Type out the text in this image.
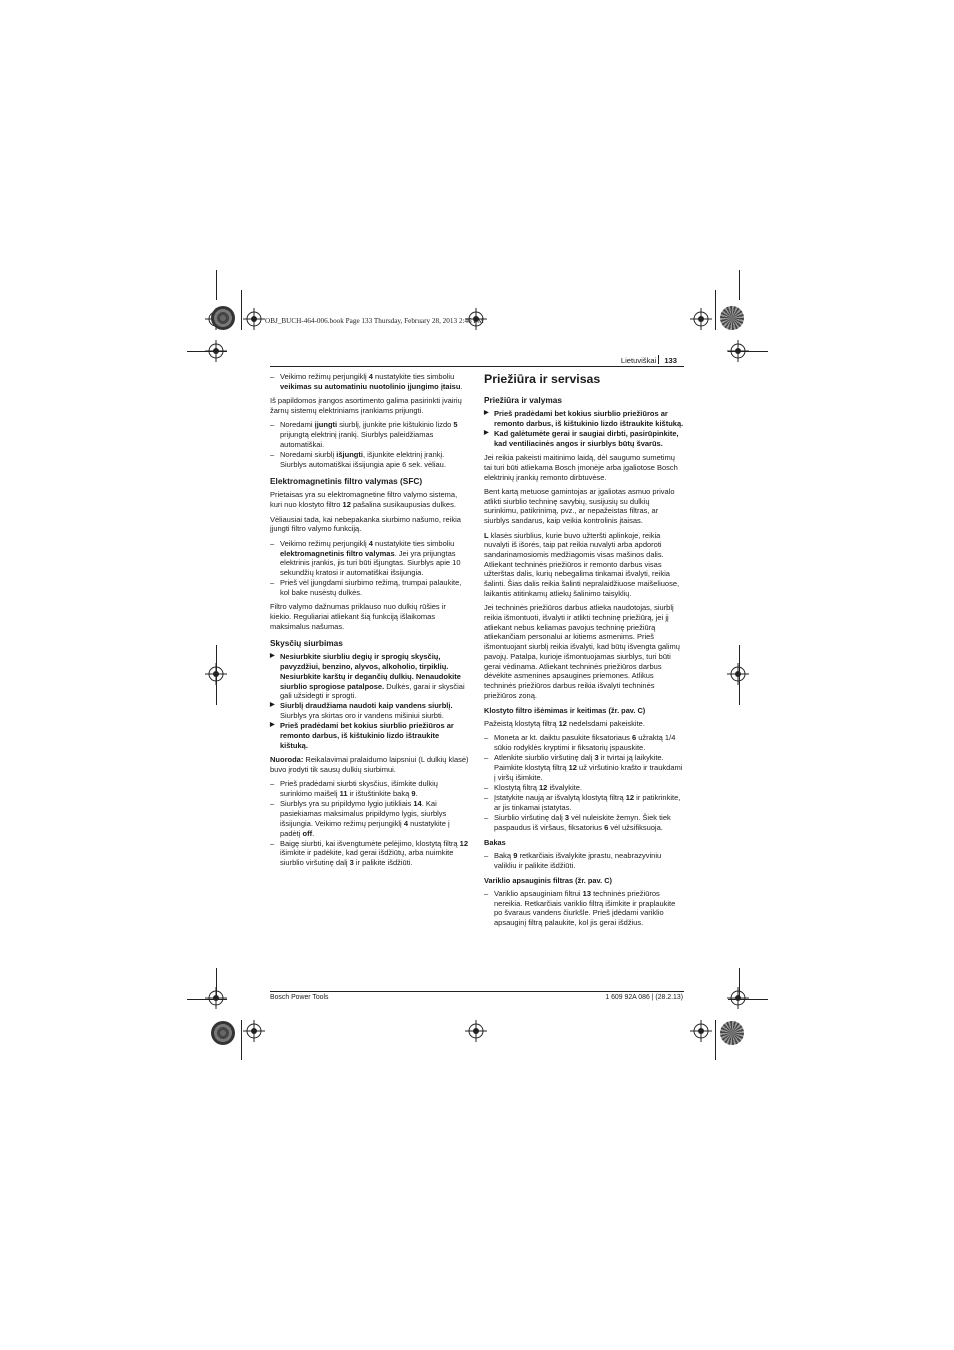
OBJ_BUCH-464-006.book Page 133 Thursday, February 28, 2013 2:46 PM
Lietuviškai 133
– Veikimo režimų perjungiklį 4 nustatykite ties simboliu veikimas su automatiniu nuotolinio įjungimo įtaisu.

Iš papildomos įrangos asortimento galima pasirinkti įvairių žarnų sistemų elektriniams įrankiams prijungti.

– Noredami įjungti siurblį, įjunkite prie kištukinio lizdo 5 prijungtą elektrinį įrankį. Siurblys paleidžiamas automatiškai.
– Noredami siurblį išjungti, išjunkite elektrinį įrankį. Siurblys automatiškai išsijungia apie 6 sek. vėliau.
Elektromagnetinis filtro valymas (SFC)

Prietaisas yra su elektromagnetine filtro valymo sistema, kuri nuo klostyto filtro 12 pašalina susikaupusias dulkes.

Vėliausiai tada, kai nebepakanka siurbimo našumo, reikia įjungti filtro valymo funkciją.

– Veikimo režimų perjungiklį 4 nustatykite ties simboliu elektromagnetinis filtro valymas. Jei yra prijungtas elektrinis įrankis, jis turi būti išjungtas. Siurblys apie 10 sekundžių kratosi ir automatiškai išsijungia.
– Prieš vėl įjungdami siurbimo režimą, trumpai palaukite, kol bake nusėstų dulkės.

Filtro valymo dažnumas priklauso nuo dulkių rūšies ir kiekio. Reguliariai atliekant šią funkciją išlaikomas maksimalus našumas.

Skysčių siurbimas
▶ Nesiurbkite siurbliu degių ir sprogių skysčių, pavyzdžiui, benzino, alyvos, alkoholio, tirpiklių. Nesiurbkite karštų ir degančių dulkių. Nenaudokite siurblio sprogiose patalpose. Dulkės, garai ir skysčiai gali užsidegti ir sprogti.
▶ Siurblį draudžiama naudoti kaip vandens siurblį. Siurblys yra skirtas oro ir vandens mišiniui siurbti.
▶ Prieš pradėdami bet kokius siurblio priežiūros ar remonto darbus, iš kištukinio lizdo ištraukite kištuką.

Nuoroda: Reikalavimai pralaidumo laipsniui (L dulkių klasė) buvo įrodyti tik sausų dulkių siurbimui.

– Prieš pradėdami siurbti skysčius, išimkite dulkių surinkimo maišelį 11 ir ištuštinkite baką 9.
– Siurblys yra su pripildymo lygio jutikliais 14. Kai pasiekiamas maksimalus pripildymo lygis, siurblys išsijungia. Veikimo režimų perjungiklį 4 nustatykite į padėtį off.
– Baigę siurbti, kai išvengtumėte pelėjimo, klostytą filtrą 12 išimkite ir padėkite, kad gerai išdžiūtų, arba nuimkite siurblio viršutinę dalį 3 ir palikite išdžiūti.
Priežiūra ir servisas
Priežiūra ir valymas
▶ Prieš pradėdami bet kokius siurblio priežiūros ar remonto darbus, iš kištukinio lizdo ištraukite kištuką.
▶ Kad galėtumėte gerai ir saugiai dirbti, pasirūpinkite, kad ventiliacinės angos ir siurblys būtų švarūs.

Jei reikia pakeisti maitinimo laidą, dėl saugumo sumetimų tai turi būti atliekama Bosch įmonėje arba įgaliotose Bosch elektrinių įrankių remonto dirbtuvėse.

Bent kartą metuose gamintojas ar įgaliotas asmuo privalo atlikti siurblio techninę savybių, susijusių su dulkių surinkimu, patikrinimą, pvz., ar nepažeistas filtras, ar siurblys sandarus, kaip veikia kontrolinis įtaisas.

L klasės siurblius, kurie buvo užteršti aplinkoje, reikia nuvalyti iš išorės, taip pat reikia nuvalyti arba apdoroti sandarinamosiomis medžiagomis visas mašinos dalis. Atliekant techninės priežiūros ir remonto darbus visas užterštas dalis, kurių nebegalima tinkamai išvalyti, reikia šalinti. Šias dalis reikia šalinti nepralaidžiuose maišeliuose, laikantis atitinkamų atliekų šalinimo taisyklių.

Jei techninės priežiūros darbus atlieka naudotojas, siurblį reikia išmontuoti, išvalyti ir atlikti techninę priežiūrą, jei jį atliekant nebus keliamas pavojus techninę priežiūrą atliekančiam personalui ar kitiems asmenims. Prieš išmontuojant siurblį reikia išvalyti, kad būtų išvengta galimų pavojų. Patalpa, kurioje išmontuojamas siurblys, turi būti gerai vėdinama. Atliekant techninės priežiūros darbus dėvėkite asmenines apsaugines priemones. Atlikus techninės priežiūros darbus reikia išvalyti techninės priežiūros zoną.

Klostyto filtro išėmimas ir keitimas (žr. pav. C)

Pažeistą klostytą filtrą 12 nedelsdami pakeiskite.

– Moneta ar kt. daiktu pasukite fiksatoriaus 6 užraktą 1/4 sūkio rodyklės kryptimi ir fiksatorių įspauskite.
– Atlenkite siurblio viršutinę dalį 3 ir tvirtai ją laikykite. Paimkite klostytą filtrą 12 už viršutinio krašto ir traukdami į viršų išimkite.
– Klostytą filtrą 12 išvalykite.
– Įstatykite naują ar išvalytą klostytą filtrą 12 ir patikrinkite, ar jis tinkamai įstatytas.
– Siurblio viršutinę dalį 3 vėl nuleiskite žemyn. Šiek tiek paspaudus iš viršaus, fiksatorius 6 vėl užsifiksuoja.
Bakas
– Baką 9 retkarčiais išvalykite įprastu, neabrazyviniu valikliu ir palikite išdžiūti.
Variklio apsauginis filtras (žr. pav. C)
– Variklio apsauginiam filtrui 13 techninės priežiūros nereikia. Retkarčiais variklio filtrą išimkite ir praplaukite po švaraus vandens čiurkšle. Prieš įdėdami variklio apsauginį filtrą palaukite, kol jis gerai išdžius.
Bosch Power Tools	1 609 92A 086 | (28.2.13)
